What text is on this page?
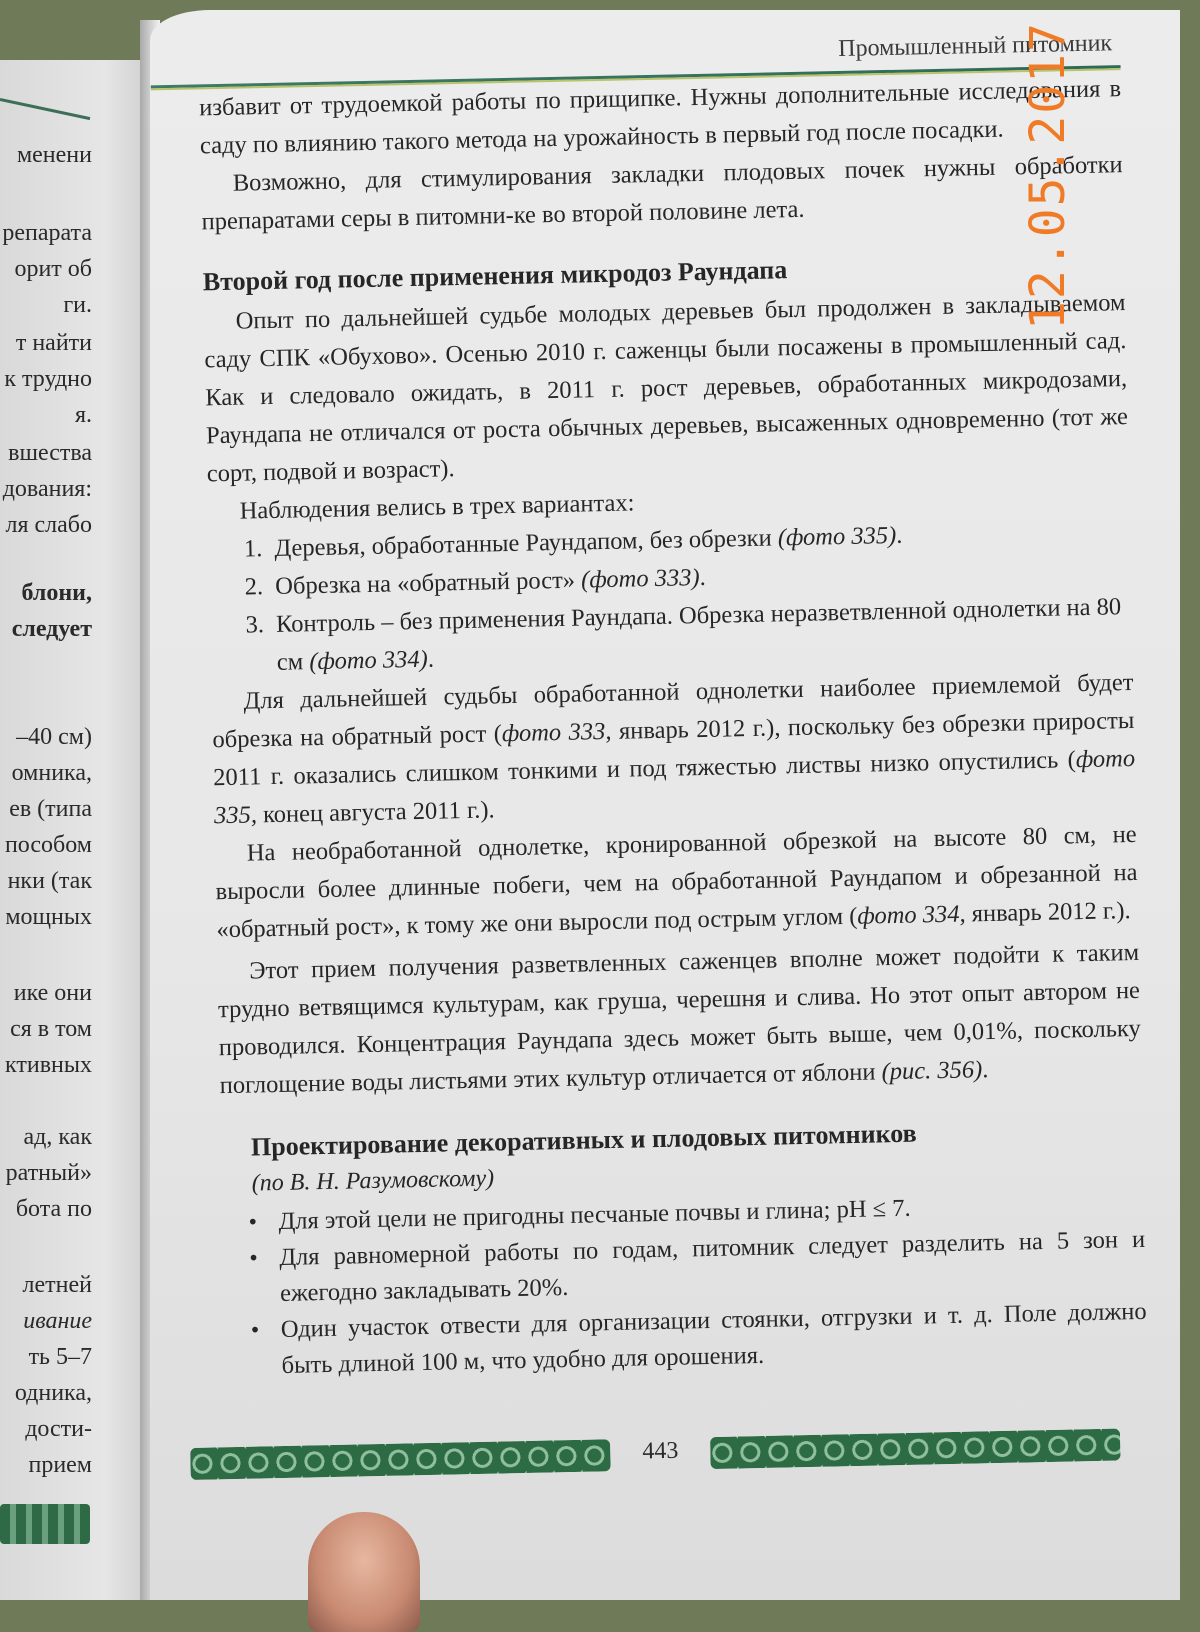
менени
репарата
орит об
ги.
т найти
к трудно
я.
вшества
дования:
ля слабо
блони,
следует
–40 см)
омника,
ев (типа
пособом
нки (так
мощных
ике они
ся в том
ктивных
ад, как
ратный»
бота по
летней
ивание
ть 5–7
одника,
дости-
прием
Промышленный питомник

избавит от трудоемкой работы по прищипке. Нужны дополнительные исследования в саду по влиянию такого метода на урожайность в первый год после посадки.

Возможно, для стимулирования закладки плодовых почек нужны обработки препаратами серы в питомни-ке во второй половине лета.

Второй год после применения микродоз Раундапа

Опыт по дальнейшей судьбе молодых деревьев был продолжен в закладываемом саду СПК «Обухово». Осенью 2010 г. саженцы были посажены в промышленный сад. Как и следовало ожидать, в 2011 г. рост деревьев, обработанных микродозами, Раундапа не отличался от роста обычных деревьев, высаженных одновременно (тот же сорт, подвой и возраст).

Наблюдения велись в трех вариантах:

1. Деревья, обработанные Раундапом, без обрезки (фото 335).
2. Обрезка на «обратный рост» (фото 333).
3. Контроль – без применения Раундапа. Обрезка неразветвленной однолетки на 80 см (фото 334).

Для дальнейшей судьбы обработанной однолетки наиболее приемлемой будет обрезка на обратный рост (фото 333, январь 2012 г.), поскольку без обрезки приросты 2011 г. оказались слишком тонкими и под тяжестью листвы низко опустились (фото 335, конец августа 2011 г.).

На необработанной однолетке, кронированной обрезкой на высоте 80 см, не выросли более длинные побеги, чем на обработанной Раундапом и обрезанной на «обратный рост», к тому же они выросли под острым углом (фото 334, январь 2012 г.).

Этот прием получения разветвленных саженцев вполне может подойти к таким трудно ветвящимся культурам, как груша, черешня и слива. Но этот опыт автором не проводился. Концентрация Раундапа здесь может быть выше, чем 0,01%, поскольку поглощение воды листьями этих культур отличается от яблони (рис. 356).

Проектирование декоративных и плодовых питомников
(по В. Н. Разумовскому)
• Для этой цели не пригодны песчаные почвы и глина; рН ≤ 7.
• Для равномерной работы по годам, питомник следует разделить на 5 зон и ежегодно закладывать 20%.
• Один участок отвести для организации стоянки, отгрузки и т. д. Поле должно быть длиной 100 м, что удобно для орошения.
443
12.05.2017
